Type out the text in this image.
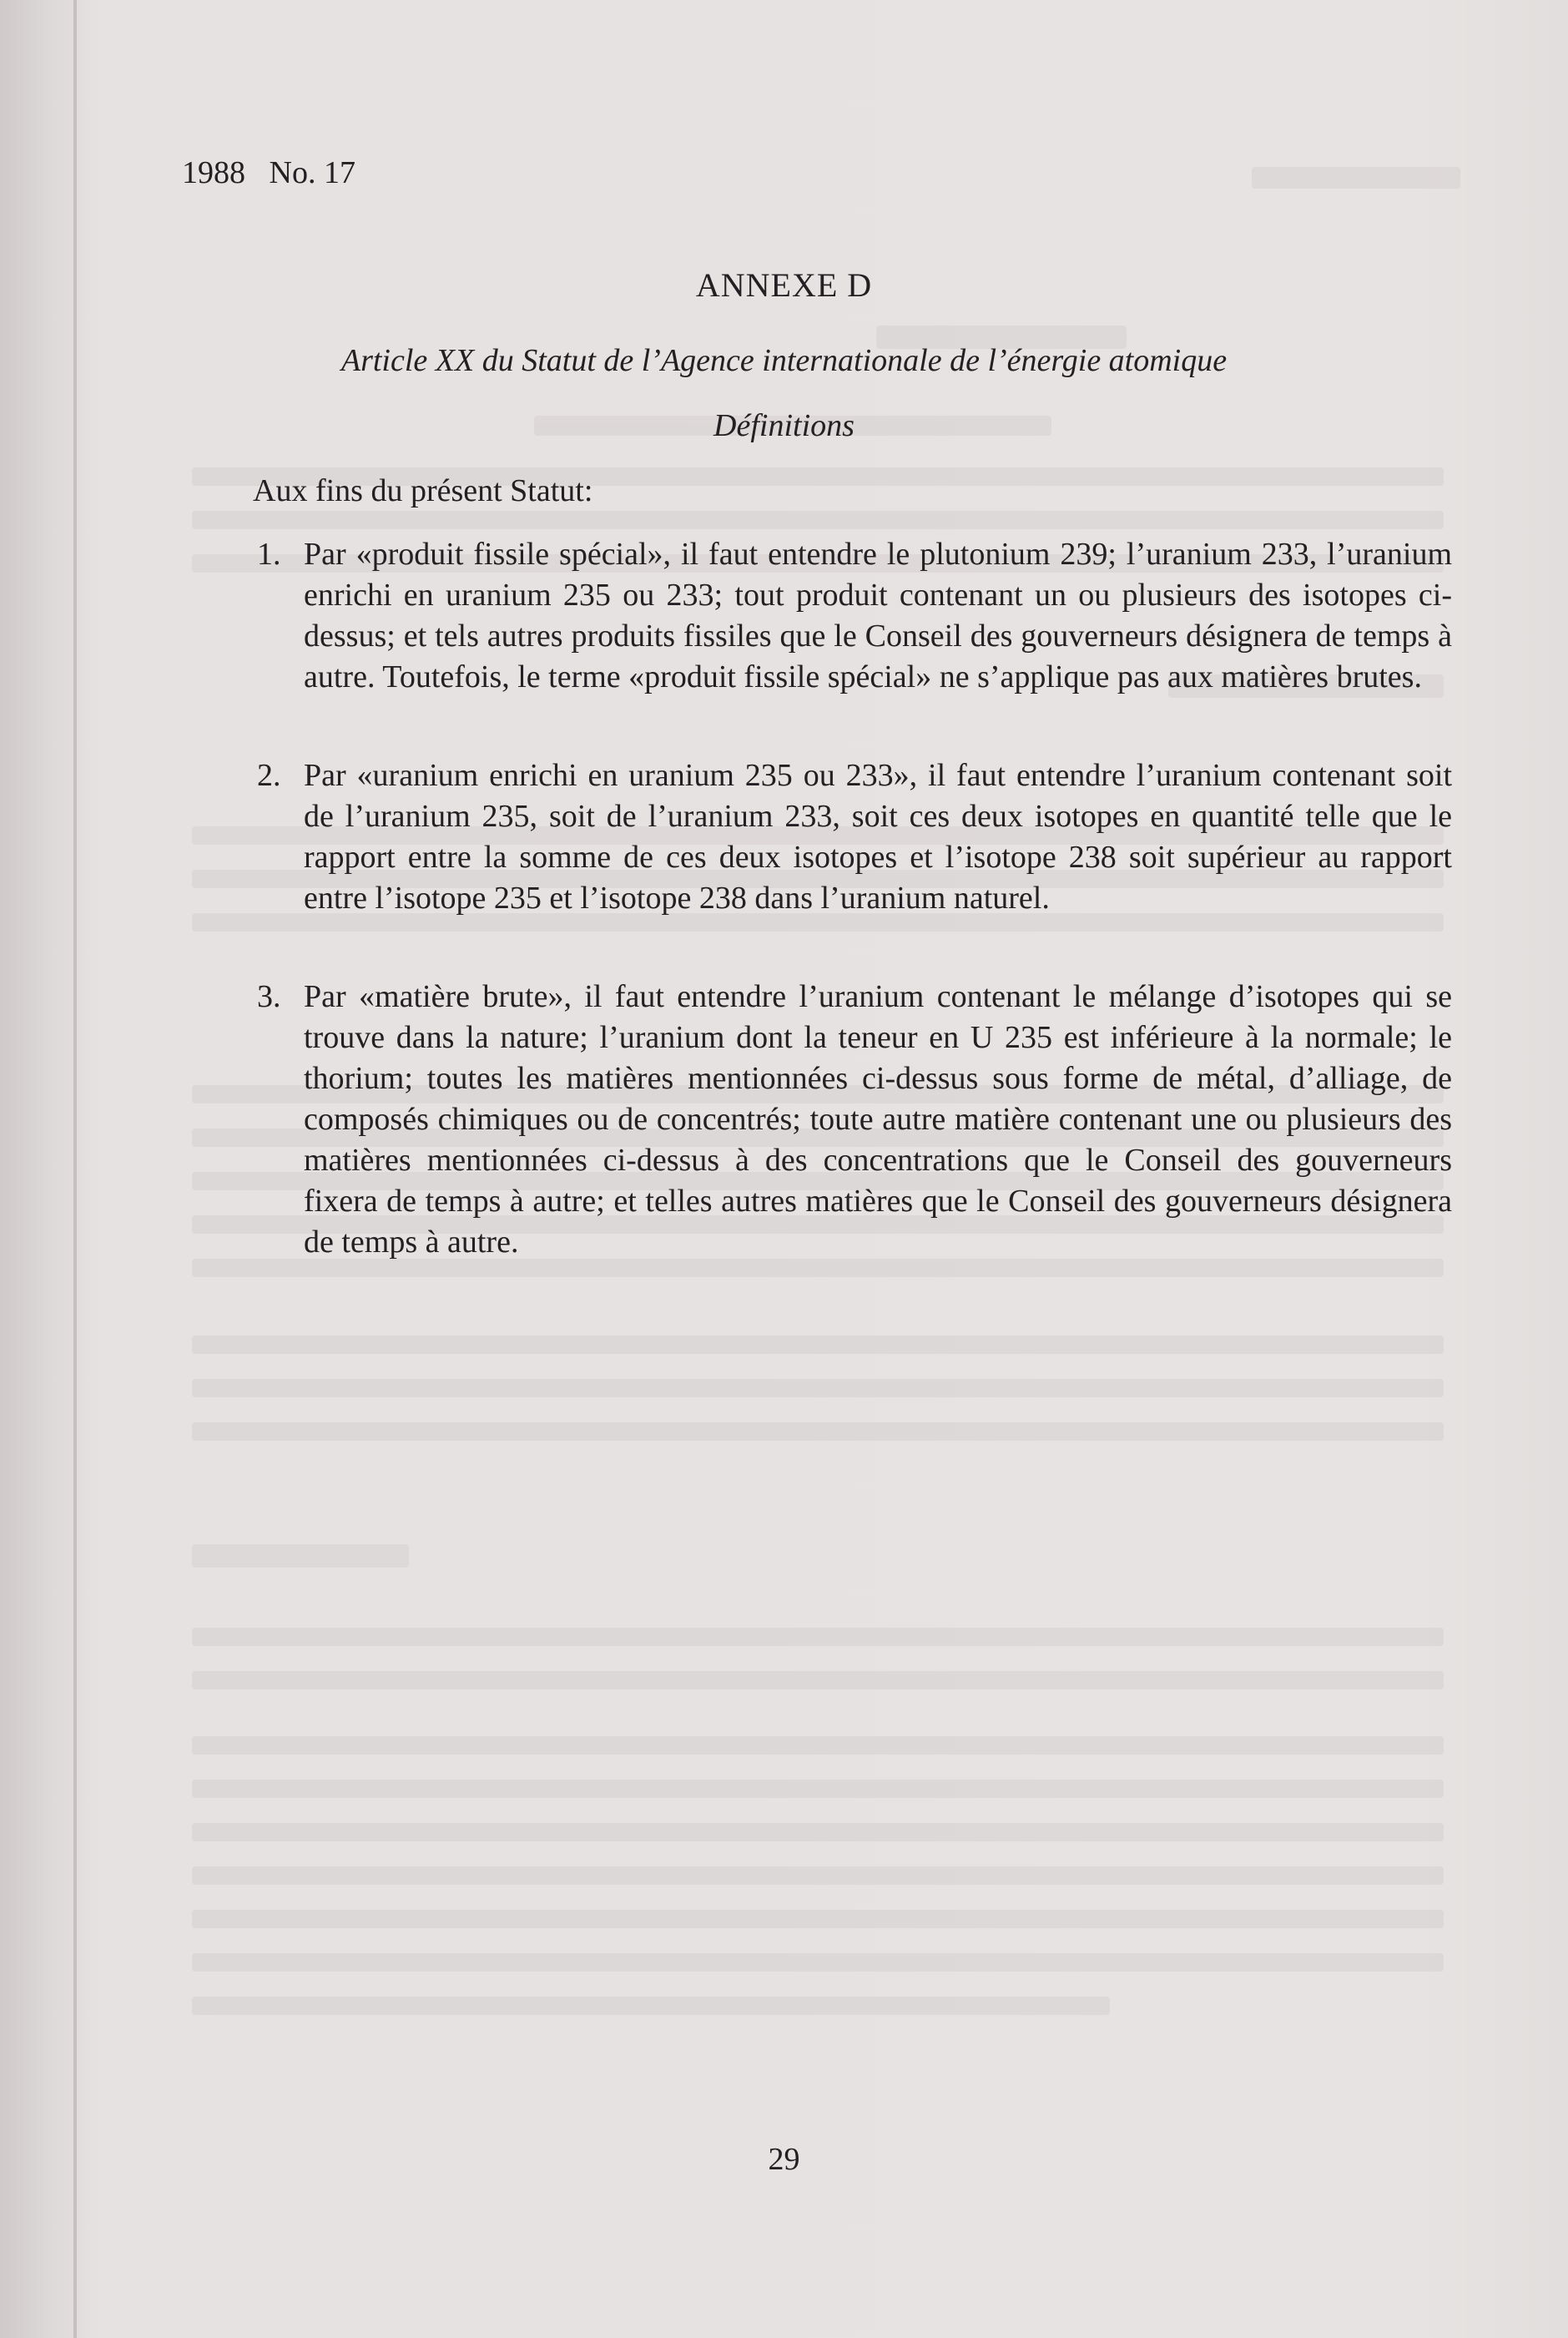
1988   No. 17

ANNEXE D

Article XX du Statut de l’Agence internationale de l’énergie atomique

Définitions

Aux fins du présent Statut:

1. Par «produit fissile spécial», il faut entendre le plutonium 239; l’uranium 233, l’uranium enrichi en uranium 235 ou 233; tout produit contenant un ou plusieurs des isotopes ci-dessus; et tels autres produits fissiles que le Conseil des gouverneurs désignera de temps à autre. Toutefois, le terme «produit fissile spécial» ne s’applique pas aux matières brutes.

2. Par «uranium enrichi en uranium 235 ou 233», il faut entendre l’uranium contenant soit de l’uranium 235, soit de l’uranium 233, soit ces deux isotopes en quantité telle que le rapport entre la somme de ces deux isotopes et l’isotope 238 soit supérieur au rapport entre l’isotope 235 et l’isotope 238 dans l’uranium naturel.

3. Par «matière brute», il faut entendre l’uranium contenant le mélange d’isotopes qui se trouve dans la nature; l’uranium dont la teneur en U 235 est inférieure à la normale; le thorium; toutes les matières mentionnées ci-dessus sous forme de métal, d’alliage, de composés chimiques ou de concentrés; toute autre matière contenant une ou plusieurs des matières mentionnées ci-dessus à des concentrations que le Conseil des gouverneurs fixera de temps à autre; et telles autres matières que le Conseil des gouverneurs désignera de temps à autre.

29
